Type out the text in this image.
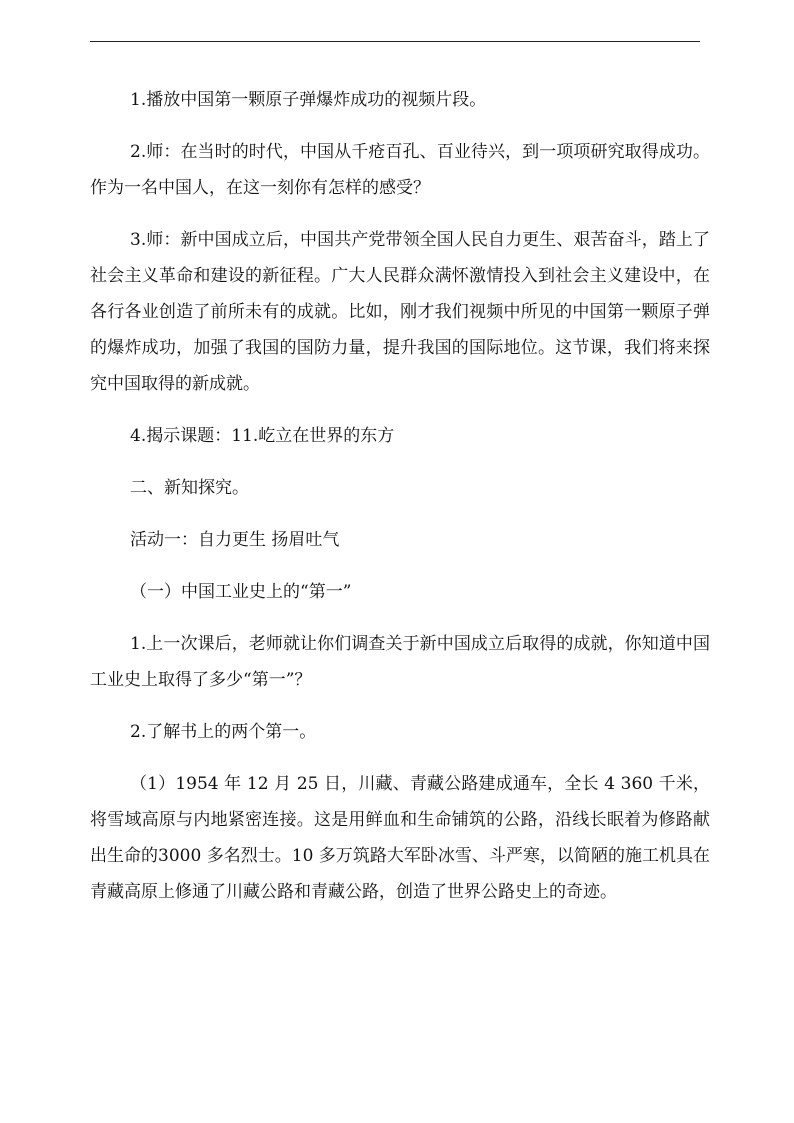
1.播放中国第一颗原子弹爆炸成功的视频片段。

2.师：在当时的时代，中国从千疮百孔、百业待兴，到一项项研究取得成功。作为一名中国人，在这一刻你有怎样的感受？

3.师：新中国成立后，中国共产党带领全国人民自力更生、艰苦奋斗，踏上了社会主义革命和建设的新征程。广大人民群众满怀激情投入到社会主义建设中，在各行各业创造了前所未有的成就。比如，刚才我们视频中所见的中国第一颗原子弹的爆炸成功，加强了我国的国防力量，提升我国的国际地位。这节课，我们将来探究中国取得的新成就。

4.揭示课题：11.屹立在世界的东方

二、新知探究。

活动一：自力更生 扬眉吐气

（一）中国工业史上的“第一”

1.上一次课后，老师就让你们调查关于新中国成立后取得的成就，你知道中国工业史上取得了多少“第一”？

2.了解书上的两个第一。

（1）1954 年 12 月 25 日，川藏、青藏公路建成通车，全长 4 360 千米，将雪域高原与内地紧密连接。这是用鲜血和生命铺筑的公路，沿线长眠着为修路献出生命的3000 多名烈士。10 多万筑路大军卧冰雪、斗严寒，以简陋的施工机具在青藏高原上修通了川藏公路和青藏公路，创造了世界公路史上的奇迹。
